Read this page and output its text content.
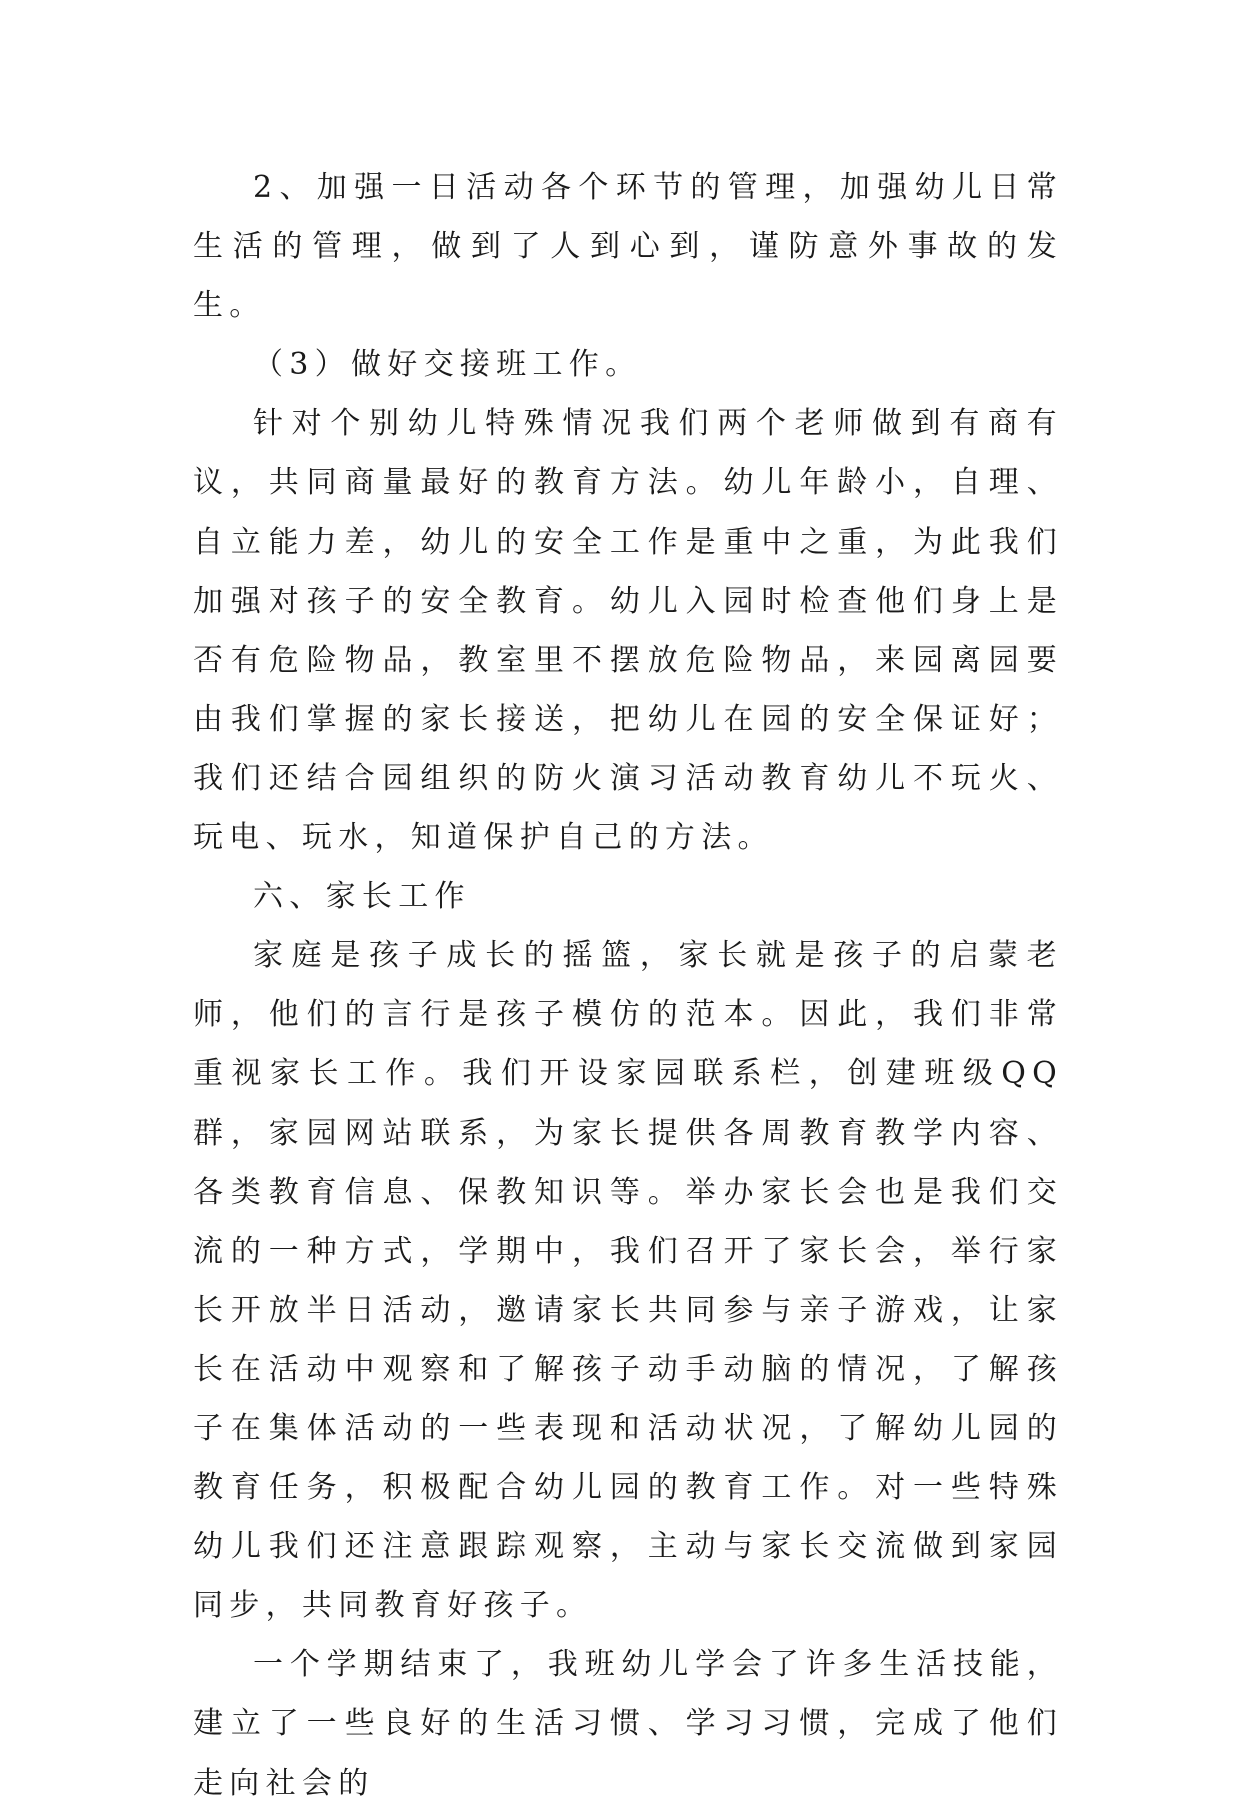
2、加强一日活动各个环节的管理，加强幼儿日常生活的管理，做到了人到心到，谨防意外事故的发生。

（3）做好交接班工作。

针对个别幼儿特殊情况我们两个老师做到有商有议，共同商量最好的教育方法。幼儿年龄小，自理、自立能力差，幼儿的安全工作是重中之重，为此我们加强对孩子的安全教育。幼儿入园时检查他们身上是否有危险物品，教室里不摆放危险物品，来园离园要由我们掌握的家长接送，把幼儿在园的安全保证好；我们还结合园组织的防火演习活动教育幼儿不玩火、玩电、玩水，知道保护自己的方法。

六、家长工作

家庭是孩子成长的摇篮，家长就是孩子的启蒙老师，他们的言行是孩子模仿的范本。因此，我们非常重视家长工作。我们开设家园联系栏，创建班级QQ群，家园网站联系，为家长提供各周教育教学内容、各类教育信息、保教知识等。举办家长会也是我们交流的一种方式，学期中，我们召开了家长会，举行家长开放半日活动，邀请家长共同参与亲子游戏，让家长在活动中观察和了解孩子动手动脑的情况，了解孩子在集体活动的一些表现和活动状况，了解幼儿园的教育任务，积极配合幼儿园的教育工作。对一些特殊幼儿我们还注意跟踪观察，主动与家长交流做到家园同步，共同教育好孩子。

一个学期结束了，我班幼儿学会了许多生活技能，建立了一些良好的生活习惯、学习习惯，完成了他们走向社会的
